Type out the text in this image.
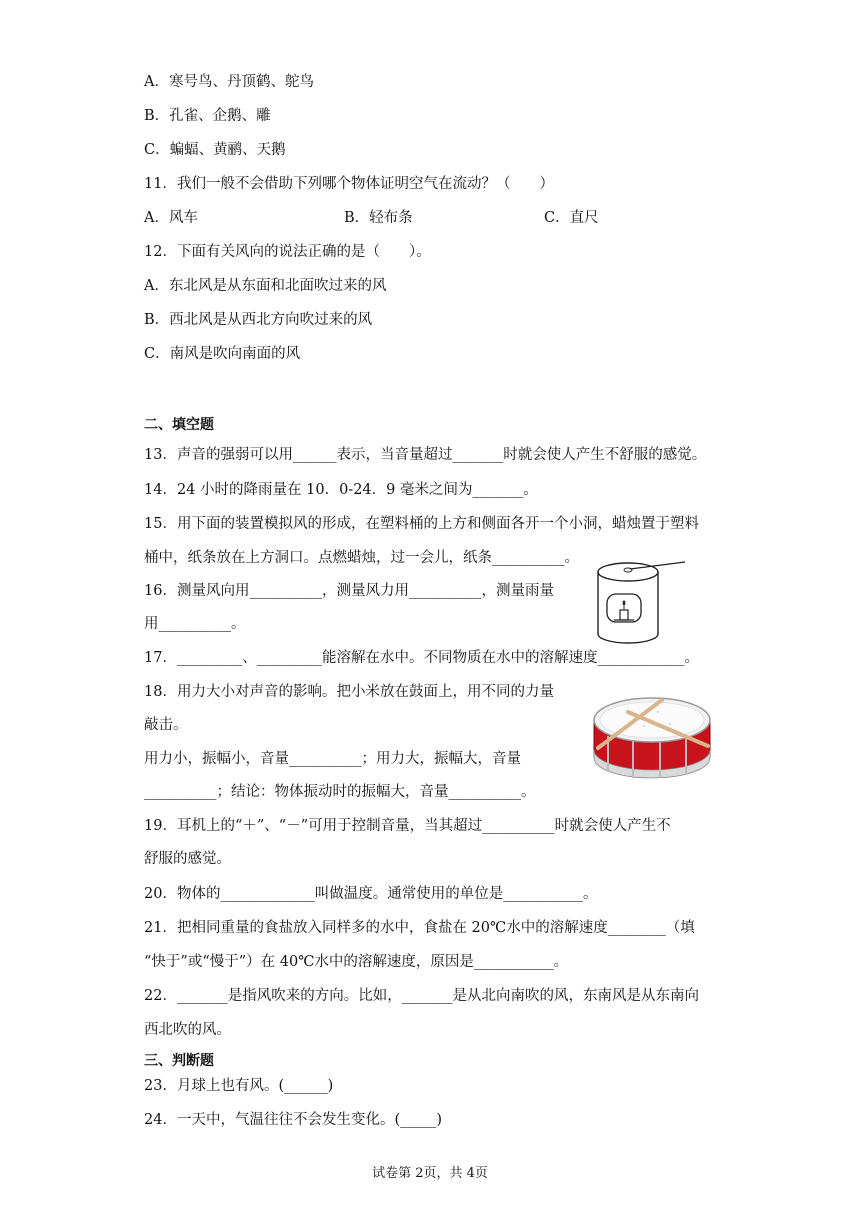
A．寒号鸟、丹顶鹤、鸵鸟
B．孔雀、企鹅、雕
C．蝙蝠、黄鹂、天鹅
11．我们一般不会借助下列哪个物体证明空气在流动？（　　）
A．风车	B．轻布条	C．直尺
12．下面有关风向的说法正确的是（　　）。
A．东北风是从东面和北面吹过来的风
B．西北风是从西北方向吹过来的风
C．南风是吹向南面的风
二、填空题
13．声音的强弱可以用______表示，当音量超过_______时就会使人产生不舒服的感觉。
14．24 小时的降雨量在 10．0-24．9 毫米之间为_______。
15．用下面的装置模拟风的形成，在塑料桶的上方和侧面各开一个小洞，蜡烛置于塑料
桶中，纸条放在上方洞口。点燃蜡烛，过一会儿，纸条__________。
16．测量风向用__________，测量风力用__________，测量雨量
用__________。
17．_________、_________能溶解在水中。不同物质在水中的溶解速度____________。
18．用力大小对声音的影响。把小米放在鼓面上，用不同的力量
敲击。
用力小，振幅小，音量__________；用力大，振幅大，音量
__________；结论：物体振动时的振幅大，音量__________。
19．耳机上的“＋”、“－”可用于控制音量，当其超过__________时就会使人产生不
舒服的感觉。
20．物体的_____________叫做温度。通常使用的单位是___________。
21．把相同重量的食盐放入同样多的水中，食盐在 20℃水中的溶解速度________（填
“快于”或“慢于”）在 40℃水中的溶解速度，原因是___________。
22．_______是指风吹来的方向。比如，_______是从北向南吹的风，东南风是从东南向
西北吹的风。
三、判断题
23．月球上也有风。(______)
24．一天中，气温往往不会发生变化。(_____)
试卷第 2页，共 4页
